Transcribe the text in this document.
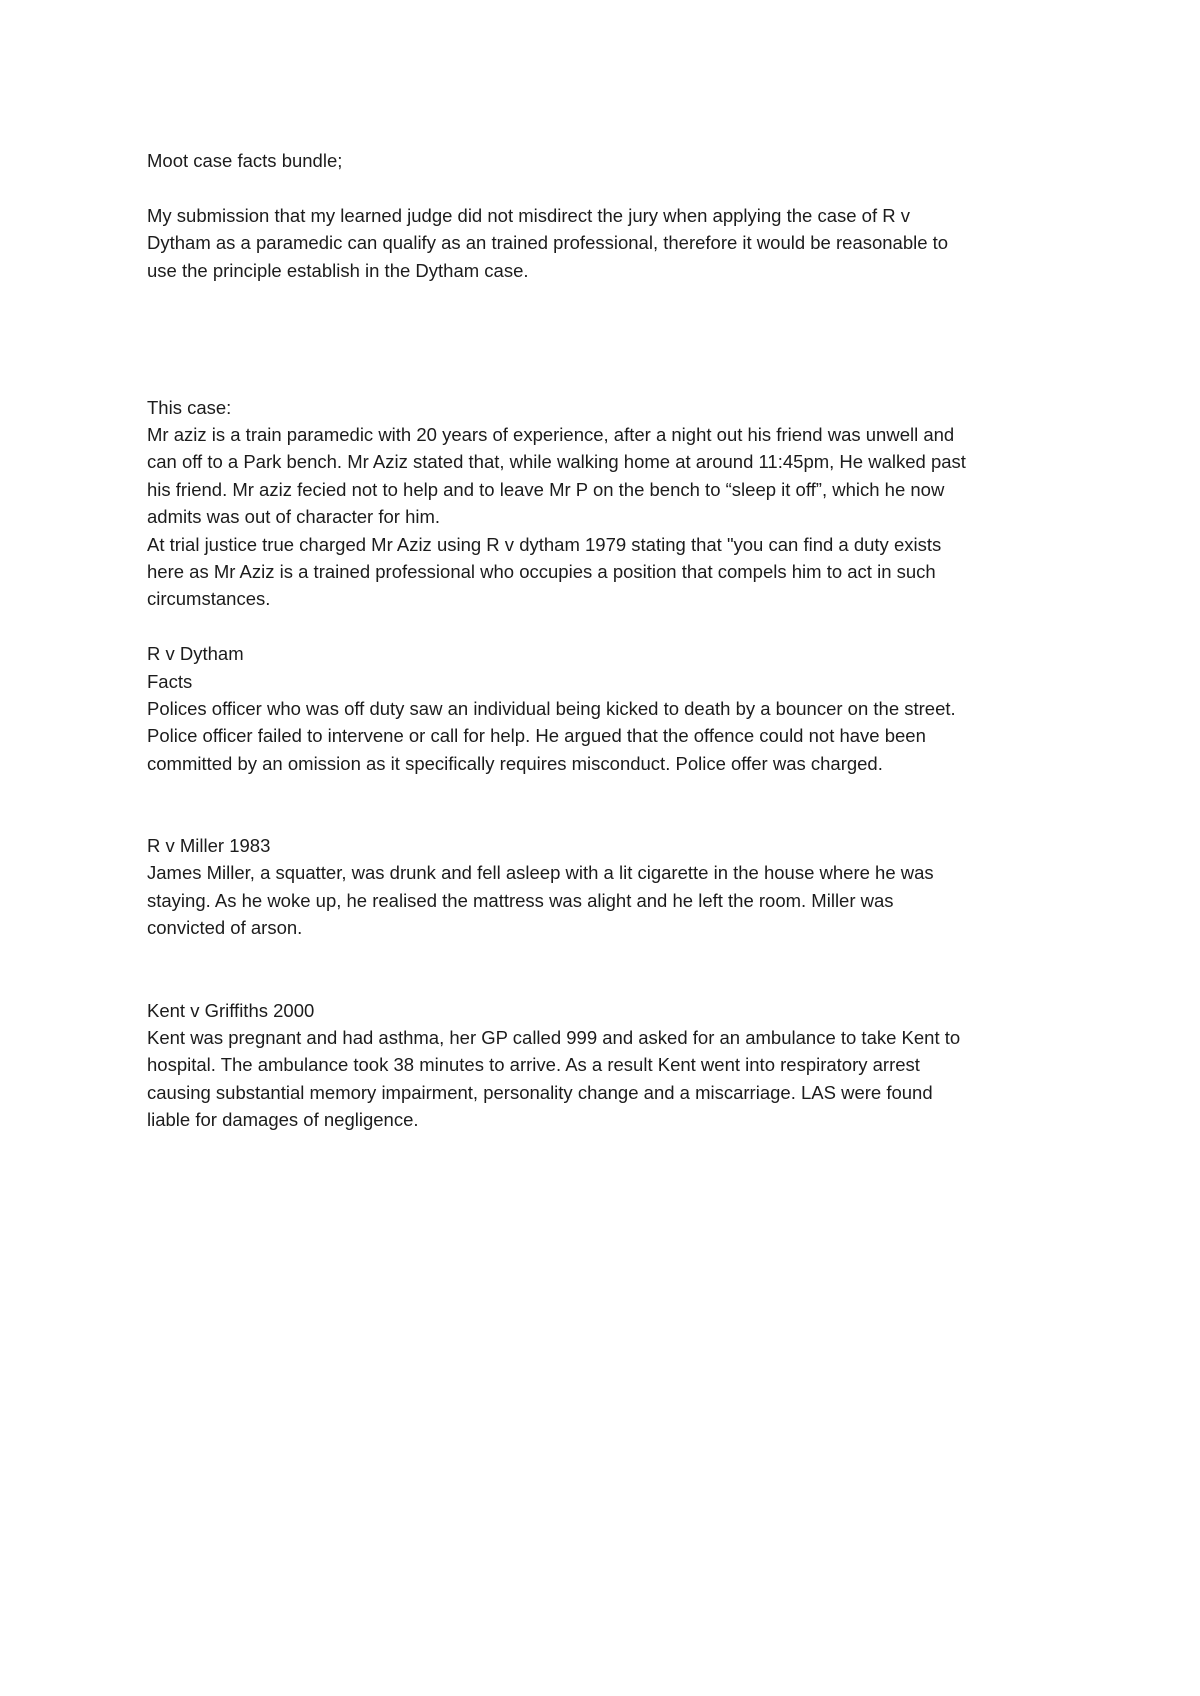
Moot case facts bundle;
My submission that my learned judge did not misdirect the jury when applying the case of R v
Dytham as a paramedic can qualify as an trained professional, therefore it would be reasonable to
use the principle establish in the Dytham case.
This case:
Mr aziz is a train paramedic with 20 years of experience, after a night out his friend was unwell and
can off to a Park bench. Mr Aziz stated that, while walking home at around 11:45pm, He walked past
his friend. Mr aziz fecied not to help and to leave Mr P on the bench to “sleep it off”, which he now
admits was out of character for him.
At trial justice true charged Mr Aziz using R v dytham 1979 stating that "you can find a duty exists
here as Mr Aziz is a trained professional who occupies a position that compels him to act in such
circumstances.
R v Dytham
Facts
Polices officer who was off duty saw an individual being kicked to death by a bouncer on the street.
Police officer failed to intervene or call for help. He argued that the offence could not have been
committed by an omission as it specifically requires misconduct. Police offer was charged.
R v Miller 1983
James Miller, a squatter, was drunk and fell asleep with a lit cigarette in the house where he was
staying. As he woke up, he realised the mattress was alight and he left the room. Miller was
convicted of arson.
Kent v Griffiths 2000
Kent was pregnant and had asthma, her GP called 999 and asked for an ambulance to take Kent to
hospital. The ambulance took 38 minutes to arrive. As a result Kent went into respiratory arrest
causing substantial memory impairment, personality change and a miscarriage. LAS were found
liable for damages of negligence.
